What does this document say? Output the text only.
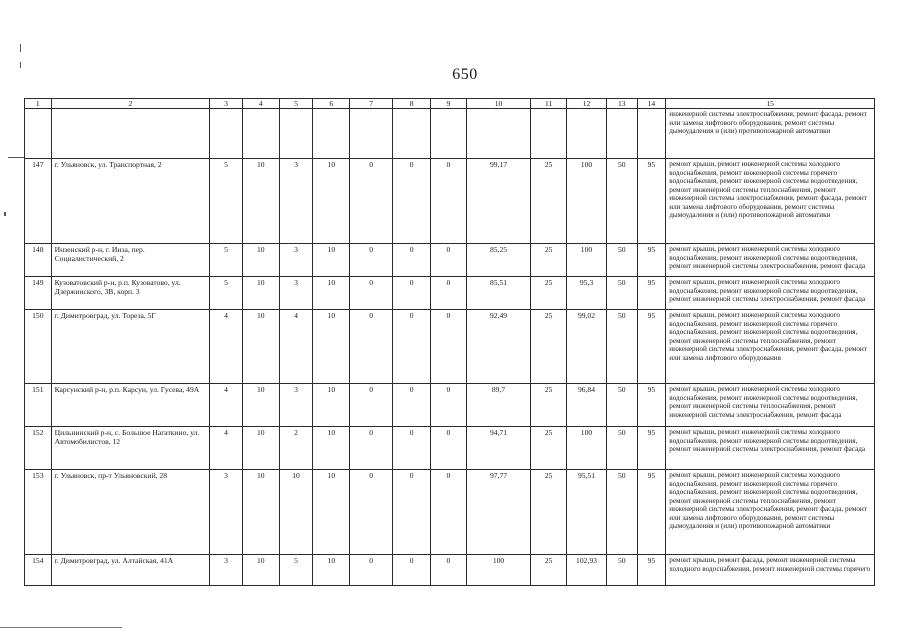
650
1	2	3	4	5	6	7	8	9	10	11	12	13	14	15
														инженерной системы электроснабжения, ремонт фасада, ремонт или замена лифтового оборудования, ремонт системы дымоудаления и (или) противопожарной автоматики
147	г. Ульяновск, ул. Транспортная, 2	5	10	3	10	0	0	0	99,17	25	100	50	95	ремонт крыши, ремонт инженерной системы холодного водоснабжения, ремонт инженерной системы горячего водоснабжения, ремонт инженерной системы водоотведения, ремонт инженерной системы теплоснабжения, ремонт инженерной системы электроснабжения, ремонт фасада, ремонт или замена лифтового оборудования, ремонт системы дымоудаления и (или) противопожарной автоматики
148	Инзенский р-н, г. Инза, пер. Социалистический, 2	5	10	3	10	0	0	0	85,25	25	100	50	95	ремонт крыши, ремонт инженерной системы холодного водоснабжения, ремонт инженерной системы водоотведения, ремонт инженерной системы электроснабжения, ремонт фасада
149	Кузоватовский р-н, р.п. Кузоватово, ул. Дзержинского, 3В, корп. 3	5	10	3	10	0	0	0	85,51	25	95,3	50	95	ремонт крыши, ремонт инженерной системы холодного водоснабжения, ремонт инженерной системы водоотведения, ремонт инженерной системы электроснабжения, ремонт фасада
150	г. Димитровград, ул. Тореза, 5Г	4	10	4	10	0	0	0	92,49	25	99,02	50	95	ремонт крыши, ремонт инженерной системы холодного водоснабжения, ремонт инженерной системы горячего водоснабжения, ремонт инженерной системы водоотведения, ремонт инженерной системы теплоснабжения, ремонт инженерной системы электроснабжения, ремонт фасада, ремонт или замена лифтового оборудования
151	Карсунский р-н, р.п. Карсун, ул. Гусева, 49А	4	10	3	10	0	0	0	89,7	25	96,84	50	95	ремонт крыши, ремонт инженерной системы холодного водоснабжения, ремонт инженерной системы водоотведения, ремонт инженерной системы теплоснабжения, ремонт инженерной системы электроснабжения, ремонт фасада
152	Цильнинский р-н, с. Большое Нагаткино, ул. Автомобилистов, 12	4	10	2	10	0	0	0	94,71	25	100	50	95	ремонт крыши, ремонт инженерной системы холодного водоснабжения, ремонт инженерной системы водоотведения, ремонт инженерной системы электроснабжения, ремонт фасада
153	г. Ульяновск, пр-т Ульяновский, 28	3	10	10	10	0	0	0	97,77	25	95,51	50	95	ремонт крыши, ремонт инженерной системы холодного водоснабжения, ремонт инженерной системы горячего водоснабжения, ремонт инженерной системы водоотведения, ремонт инженерной системы теплоснабжения, ремонт инженерной системы электроснабжения, ремонт фасада, ремонт или замена лифтового оборудования, ремонт системы дымоудаления и (или) противопожарной автоматики
154	г. Димитровград, ул. Алтайская, 41А	3	10	5	10	0	0	0	100	25	102,93	50	95	ремонт крыши, ремонт фасада, ремонт инженерной системы холодного водоснабжения, ремонт инженерной системы горячего
